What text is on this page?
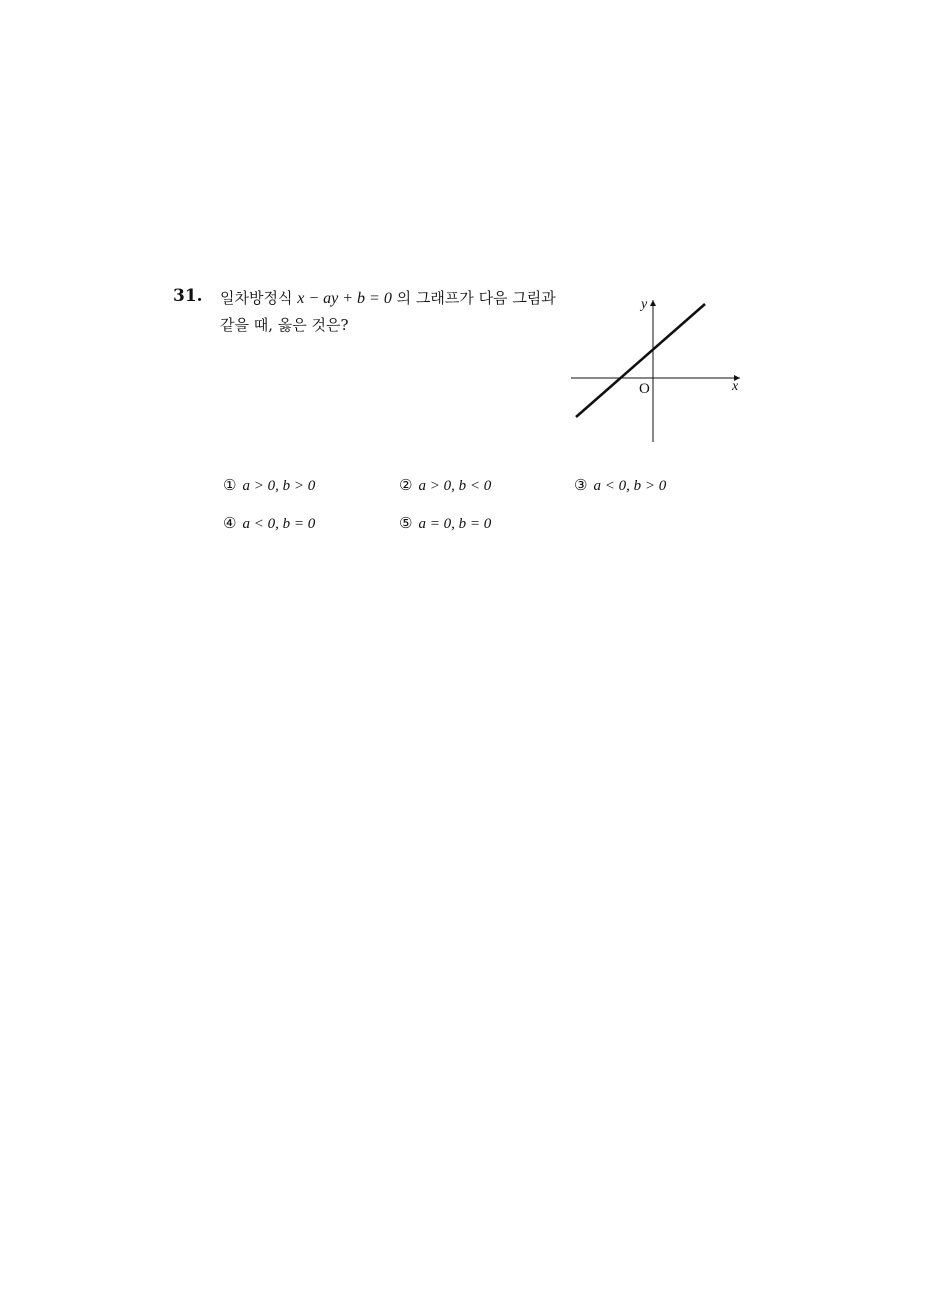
31. 일차방정식 x − ay + b = 0 의 그래프가 다음 그림과
같을 때, 옳은 것은?
O	x
y
① a > 0, b > 0	② a > 0, b < 0	③ a < 0, b > 0
④ a < 0, b = 0	⑤ a = 0, b = 0
